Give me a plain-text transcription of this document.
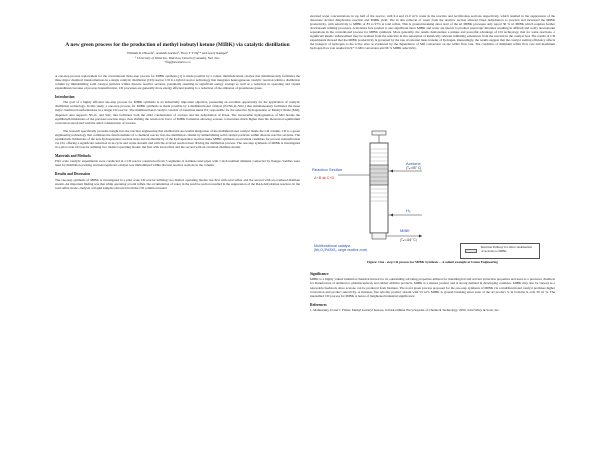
A new green process for the production of methyl isobutyl ketone (MIBK) via catalytic distillation
William K O'Keefe¹, Aashish Garnier¹, Flora T T Ng¹* and Garry Rempel¹
¹ University of Waterloo, Waterloo, Ontario (Canada), N2L 3G1
*fng@uwaterloo.ca

A one-step process replacement for the conventional three-step process for MIBK synthesis [1] is made possible by a robust, multifunctional catalyst that simultaneously facilitates the three major chemical transformations in a single catalytic distillation (CD) reactor. CD is a hybrid reactor technology that integrates heterogeneous catalytic reaction within a distillation column by immobilizing solid catalyst particles within discrete reactive sections, potentially resulting in significant energy savings as well as a reduction in operating and capital expenditures because of process intensification. CD processes are generally more energy efficient leading to a reduction of the emission of greenhouse gases.

Introduction

The goal of a highly efficient one-step process for MIBK synthesis is an industrially important objective, presenting an excellent opportunity for the application of catalytic distillation technology. In this study, a one-step process for MIBK synthesis is made possible by a multifunctional catalyst (Pd/Nb₂O₅/SiO₂) that simultaneously facilitates the three major chemical transformations in a single CD reactor. The multifunctional catalyst consists of transition metal Pd, responsible for the selective hydrogenation of Mesityl Oxide (MO), dispersed onto supports Nb₂O₅ and SiO₂ that facilitates both the aldol condensation of acetone and the dehydration of DAA. The irreversible hydrogenation of MO breaks the equilibrium limitations of the previous reaction steps, thus shifting the reaction in favor of MIBK formation allowing acetone conversions much higher than the theoretical equilibrium conversion associated with the aldol condensation of acetone.

The research specifically provides insight into the reaction engineering that enabled the successful integration of the multifunctional catalyst inside the CD column. CD is a green engineering technology that combines the functionalities of a chemical reactor into the distillation column by immobilizing solid catalyst particles within discrete reactive sections. The equilibrium- limitations of the non-hydrogenation reaction steps and exothermicity of the hydrogenation reaction make MIBK synthesis an excellent candidate for process intensification via CD, offering a significant reduction in in-cycle and waste streams and with the evolved reaction heat driving the distillation process. The one-step synthesis of MIBK is investigated in a pilot scale CD reactor utilizing two distinct operating modes; the first with total reflux and the second with an overhead distillate stream.

Materials and Methods

Pilot scale catalytic experiments were conducted in a CD reactor constructed from 5 segments of stainless steel pipes with 1 inch nominal diameter connected by flanges. Saddles were used for distillation packing and heterogeneous catalyst was immobilized within discrete reactive sections in the column.

Results and Discussion

The one-step synthesis of MIBK is investigated in a pilot scale CD reactor utilizing two distinct operating modes; the first with total reflux and the second with an overhead distillate stream. An important finding was that while operating at total reflux, the accumulation of water in the reactive section resulted in the suppression of the DAA dehydration reaction. In the total reflux mode, analysis of liquid samples extracted from the CD column revealed

elevated water concentrations in top half of the reactor, with 9.4 and 21.0 wt% water in the reactive and rectification sections respectively, which resulted in the suppression of the diacetone alcohol dehydration reaction and MIBK yield. The in situ removal of water from the reactive section allowed DAA dehydration to proceed and increased the MIBK productivity, with selectivity to MIBK of 83 to 97% at total reflux. This is ground-breaking since start of the art MIBK processes only report 30 % wt MIBK which requires further downstream refining processes. A moisture free product is also significant since MIBK and water are known to produce azeotropic mixtures resulting in difficult and costly downstream separations in the conventional process for MIBK synthesis. More generally, the results demonstrate a unique and powerful advantage of CD technology, that for some reactions, a significant kinetic enhancement may be realized from the selective in situ separation of kinetically relevant inhibiting substances from the reactant in the catalyst bed. The results of CD experiments showed that the MIBK productivity is governed by the rate of external mass transfer of hydrogen. Interestingly, the results suggest that the catalyst wetting efficiency affects the transport of hydrogen to the active sites as evidenced by the dependence of MO conversion on the reflux flow rate. The condition of minimum reflux flow rate and maximum hydrogen flow rate resulted in 97 % MO conversion and 96 % MIBK selectivity.

Reaction Section
A+B ⇌ C+D
Acetone
(Tₙ=56° C)
H₂
MIBK
(Tₙ=116° C)
Multifunctional catalyst
(Nb₂O₅/Pd/SiO₂, single reactive zone)
Reaction Pathway for aldol condensation of Acetone to MIBK
Figure: One - step CD process for MIBK Synthesis -- A salient example of Green Engineering
Significance

MIBK is a highly valued industrial chemical known for its outstanding solvating properties utilized for metallurgical and solvent extraction properties and used as a precursor chemical for manufacture of antibiotics, pharmaceuticals and rubber additive products. MIBK is a mature product and is strong demand in developing countries. MIBK may also be viewed as a renewable feedstock since acetone can be produced from biomass. The novel green process proposed for the one-step synthesis of MIBK via a multifunctional catalyst promises higher conversion and product selectivity. A moisture free reboiler product stream with 53 wt% MIBK is ground breaking since state of the art product % in bottoms is only 30 wt %. The intensified CD process for MIBK is hence of heightened industrial significance

References

1. Mathusamy, D and J. Fisher, Methyl Isobutyl Ketone, in Kirk-Othmer Encyclopedia of Chemical Technology. 2000, John Wiley & Sons, Inc.
